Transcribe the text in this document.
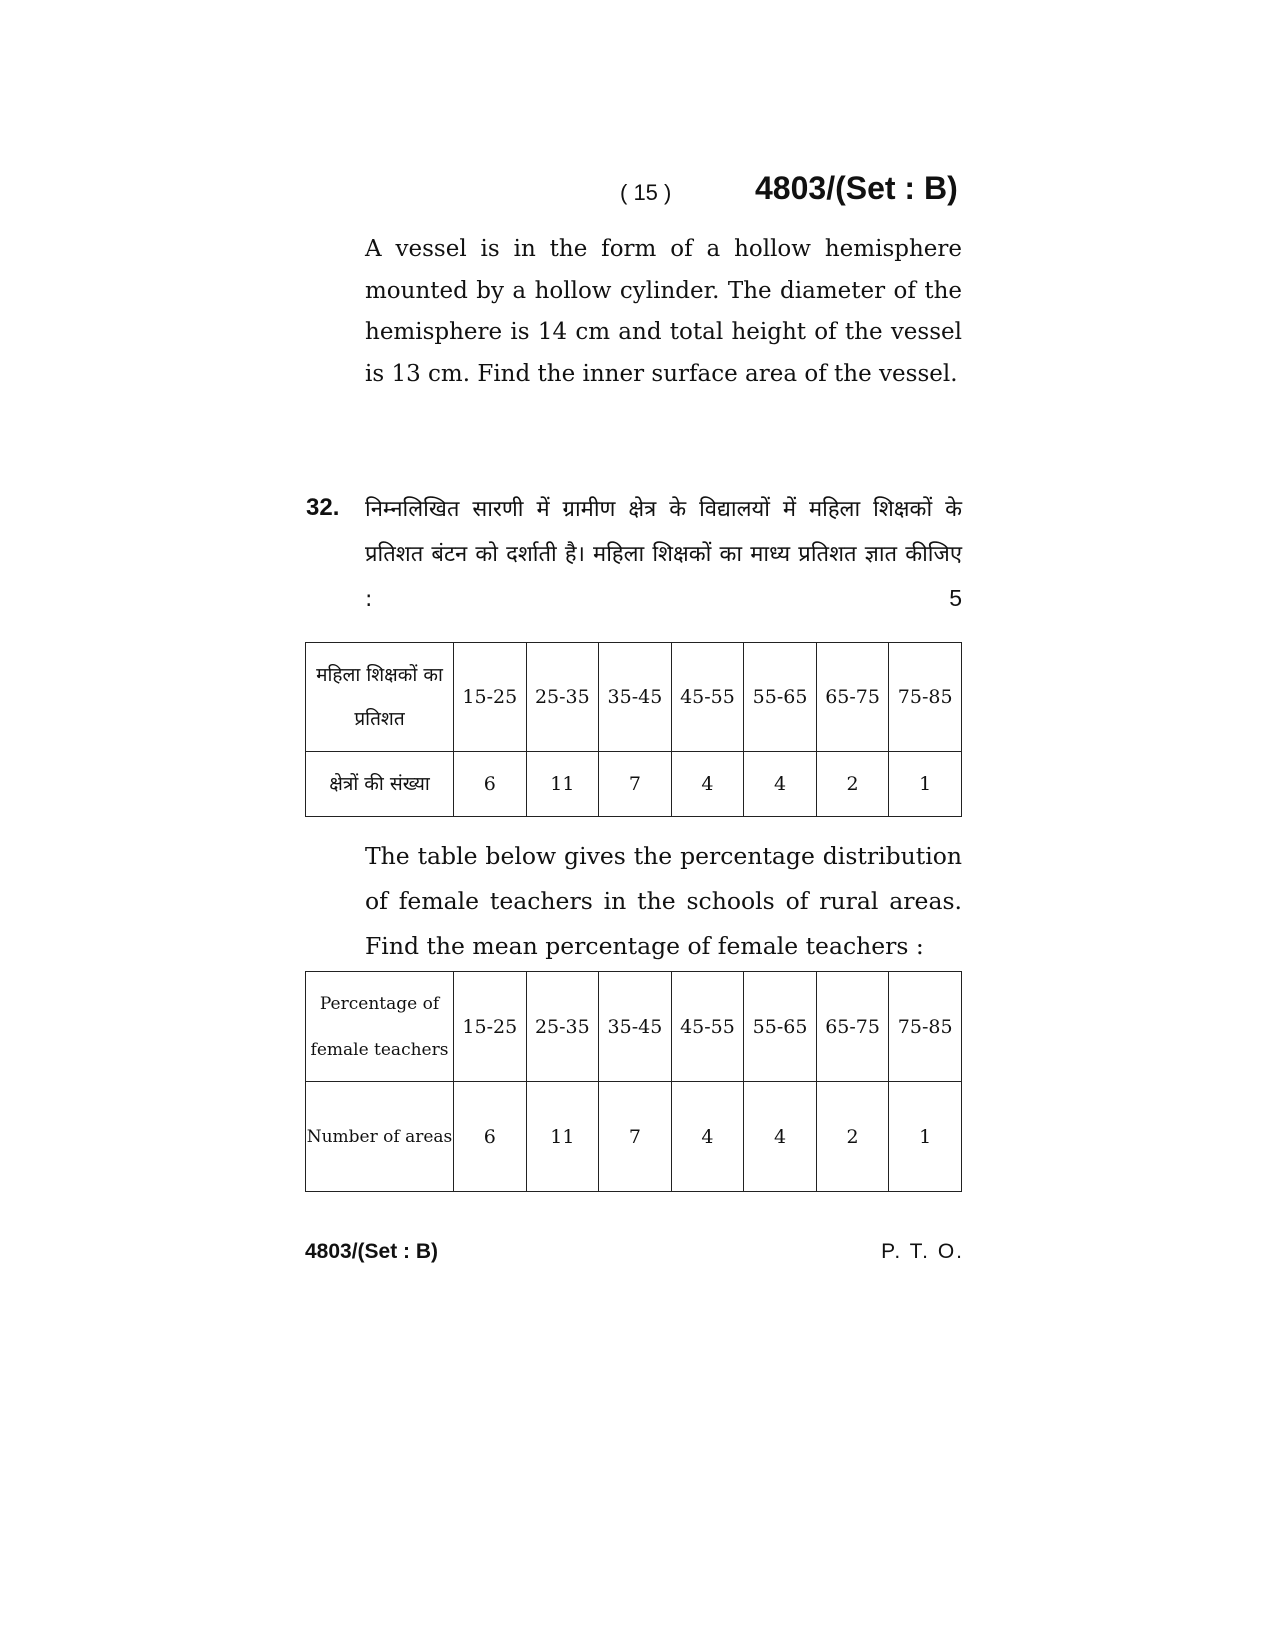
( 15 )	4803/(Set : B)
A vessel is in the form of a hollow hemisphere mounted by a hollow cylinder. The diameter of the hemisphere is 14 cm and total height of the vessel is 13 cm. Find the inner surface area of the vessel.
32. निम्नलिखित सारणी में ग्रामीण क्षेत्र के विद्यालयों में महिला शिक्षकों के प्रतिशत बंटन को दर्शाती है। महिला शिक्षकों का माध्य प्रतिशत ज्ञात कीजिए :	5
महिला शिक्षकों का प्रतिशत	15-25	25-35	35-45	45-55	55-65	65-75	75-85
क्षेत्रों की संख्या	6	11	7	4	4	2	1
The table below gives the percentage distribution of female teachers in the schools of rural areas. Find the mean percentage of female teachers :
Percentage of female teachers	15-25	25-35	35-45	45-55	55-65	65-75	75-85
Number of areas	6	11	7	4	4	2	1
4803/(Set : B)	P. T. O.
